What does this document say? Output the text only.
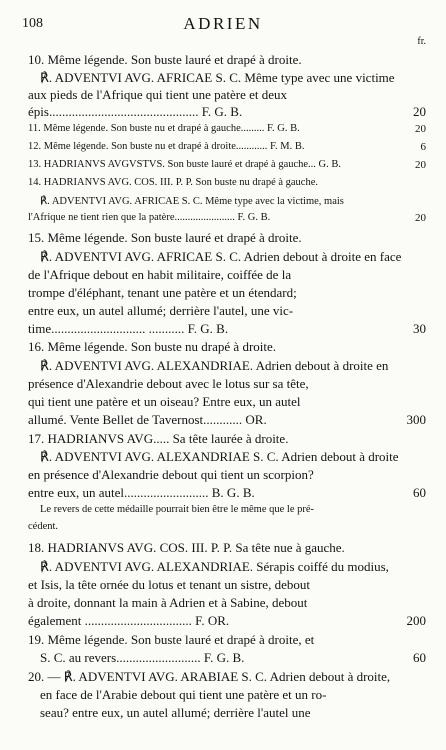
108	ADRIEN
fr.
10. Même légende. Son buste lauré et drapé à droite.
℟. ADVENTVI AVG. AFRICAE S. C. Même type avec une victime
aux pieds de l'Afrique qui tient une patère et deux
épis.............................................. F. G. B.	20
11. Même légende. Son buste nu et drapé à gauche......... F. G. B.	20
12. Même légende. Son buste nu et drapé à droite............ F. M. B.	6
13. HADRIANVS AVGVSTVS. Son buste lauré et drapé à gauche... G. B.	20
14. HADRIANVS AVG. COS. III. P. P. Son buste nu drapé à gauche.
℟. ADVENTVI AVG. AFRICAE S. C. Même type avec la victime, mais
l'Afrique ne tient rien que la patère....................... F. G. B.	20
15. Même légende. Son buste lauré et drapé à droite.
℟. ADVENTVI AVG. AFRICAE S. C. Adrien debout à droite en face
de l'Afrique debout en habit militaire, coiffée de la
trompe d'éléphant, tenant une patère et un étendard;
entre eux, un autel allumé; derrière l'autel, une vic-
time............................. ........... F. G. B.	30
16. Même légende. Son buste nu drapé à droite.
℟. ADVENTVI AVG. ALEXANDRIAE. Adrien debout à droite en
présence d'Alexandrie debout avec le lotus sur sa tête,
qui tient une patère et un oiseau? Entre eux, un autel
allumé. Vente Bellet de Tavernost............ OR.	300
17. HADRIANVS AVG..... Sa tête laurée à droite.
℟. ADVENTVI AVG. ALEXANDRIAE S. C. Adrien debout à droite
en présence d'Alexandrie debout qui tient un scorpion?
entre eux, un autel.......................... B. G. B.	60
Le revers de cette médaille pourrait bien être le même que le pré-
cédent.
18. HADRIANVS AVG. COS. III. P. P. Sa tête nue à gauche.
℟. ADVENTVI AVG. ALEXANDRIAE. Sérapis coiffé du modius,
et Isis, la tête ornée du lotus et tenant un sistre, debout
à droite, donnant la main à Adrien et à Sabine, debout
également ................................. F. OR.	200
19. Même légende. Son buste lauré et drapé à droite, et
S. C. au revers.......................... F. G. B.	60
20. — ℟. ADVENTVI AVG. ARABIAE S. C. Adrien debout à droite,
en face de l'Arabie debout qui tient une patère et un ro-
seau? entre eux, un autel allumé; derrière l'autel une
